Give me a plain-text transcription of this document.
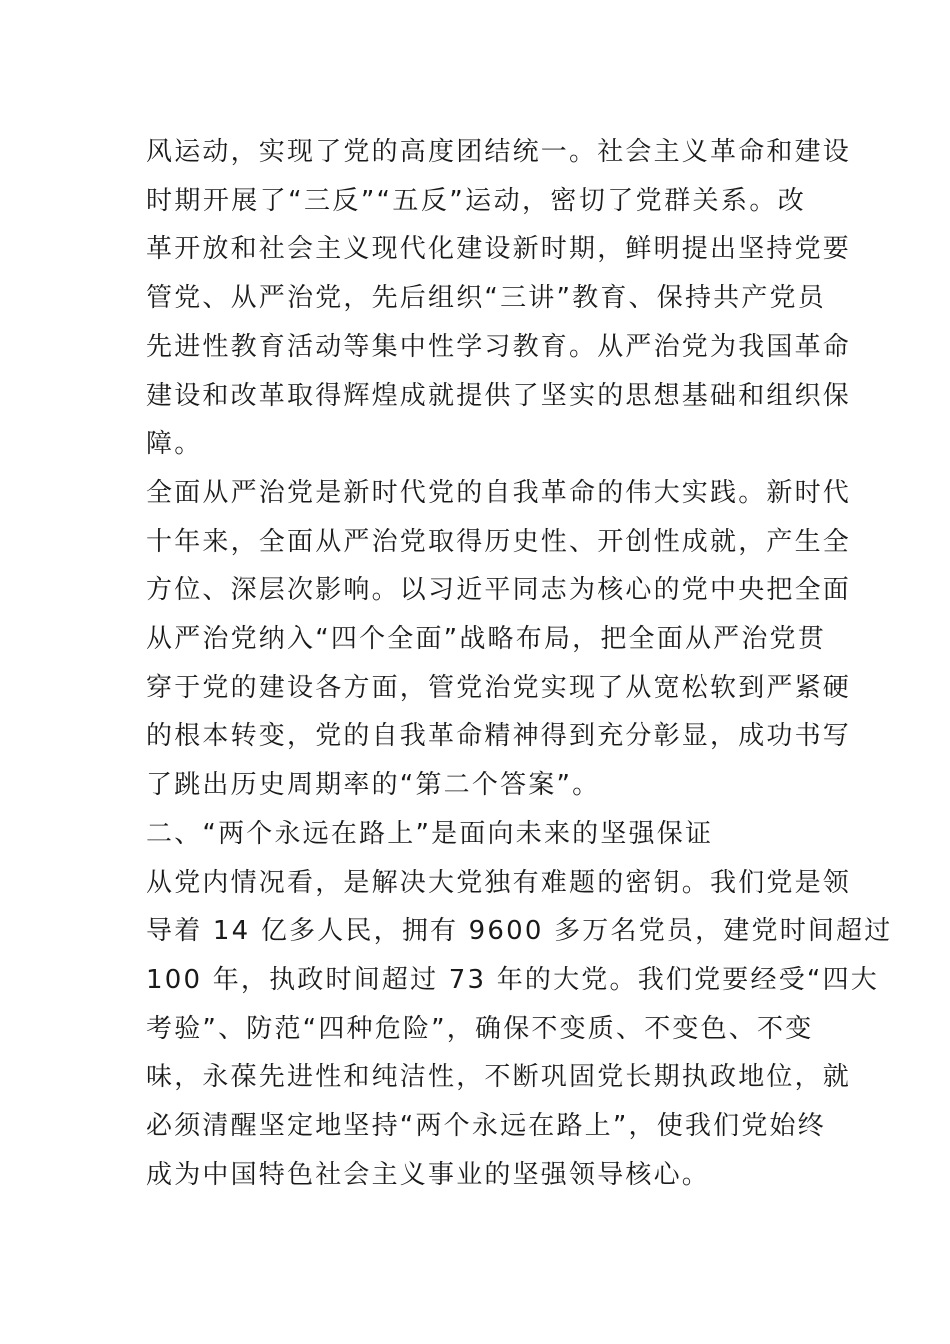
风运动，实现了党的高度团结统一。社会主义革命和建设
时期开展了“三反”“五反”运动，密切了党群关系。改
革开放和社会主义现代化建设新时期，鲜明提出坚持党要
管党、从严治党，先后组织“三讲”教育、保持共产党员
先进性教育活动等集中性学习教育。从严治党为我国革命
建设和改革取得辉煌成就提供了坚实的思想基础和组织保
障。

全面从严治党是新时代党的自我革命的伟大实践。新时代
十年来，全面从严治党取得历史性、开创性成就，产生全
方位、深层次影响。以习近平同志为核心的党中央把全面
从严治党纳入“四个全面”战略布局，把全面从严治党贯
穿于党的建设各方面，管党治党实现了从宽松软到严紧硬
的根本转变，党的自我革命精神得到充分彰显，成功书写
了跳出历史周期率的“第二个答案”。

二、“两个永远在路上”是面向未来的坚强保证

从党内情况看，是解决大党独有难题的密钥。我们党是领
导着 14 亿多人民，拥有 9600 多万名党员，建党时间超过
100 年，执政时间超过 73 年的大党。我们党要经受“四大
考验”、防范“四种危险”，确保不变质、不变色、不变
味，永葆先进性和纯洁性，不断巩固党长期执政地位，就
必须清醒坚定地坚持“两个永远在路上”，使我们党始终
成为中国特色社会主义事业的坚强领导核心。
